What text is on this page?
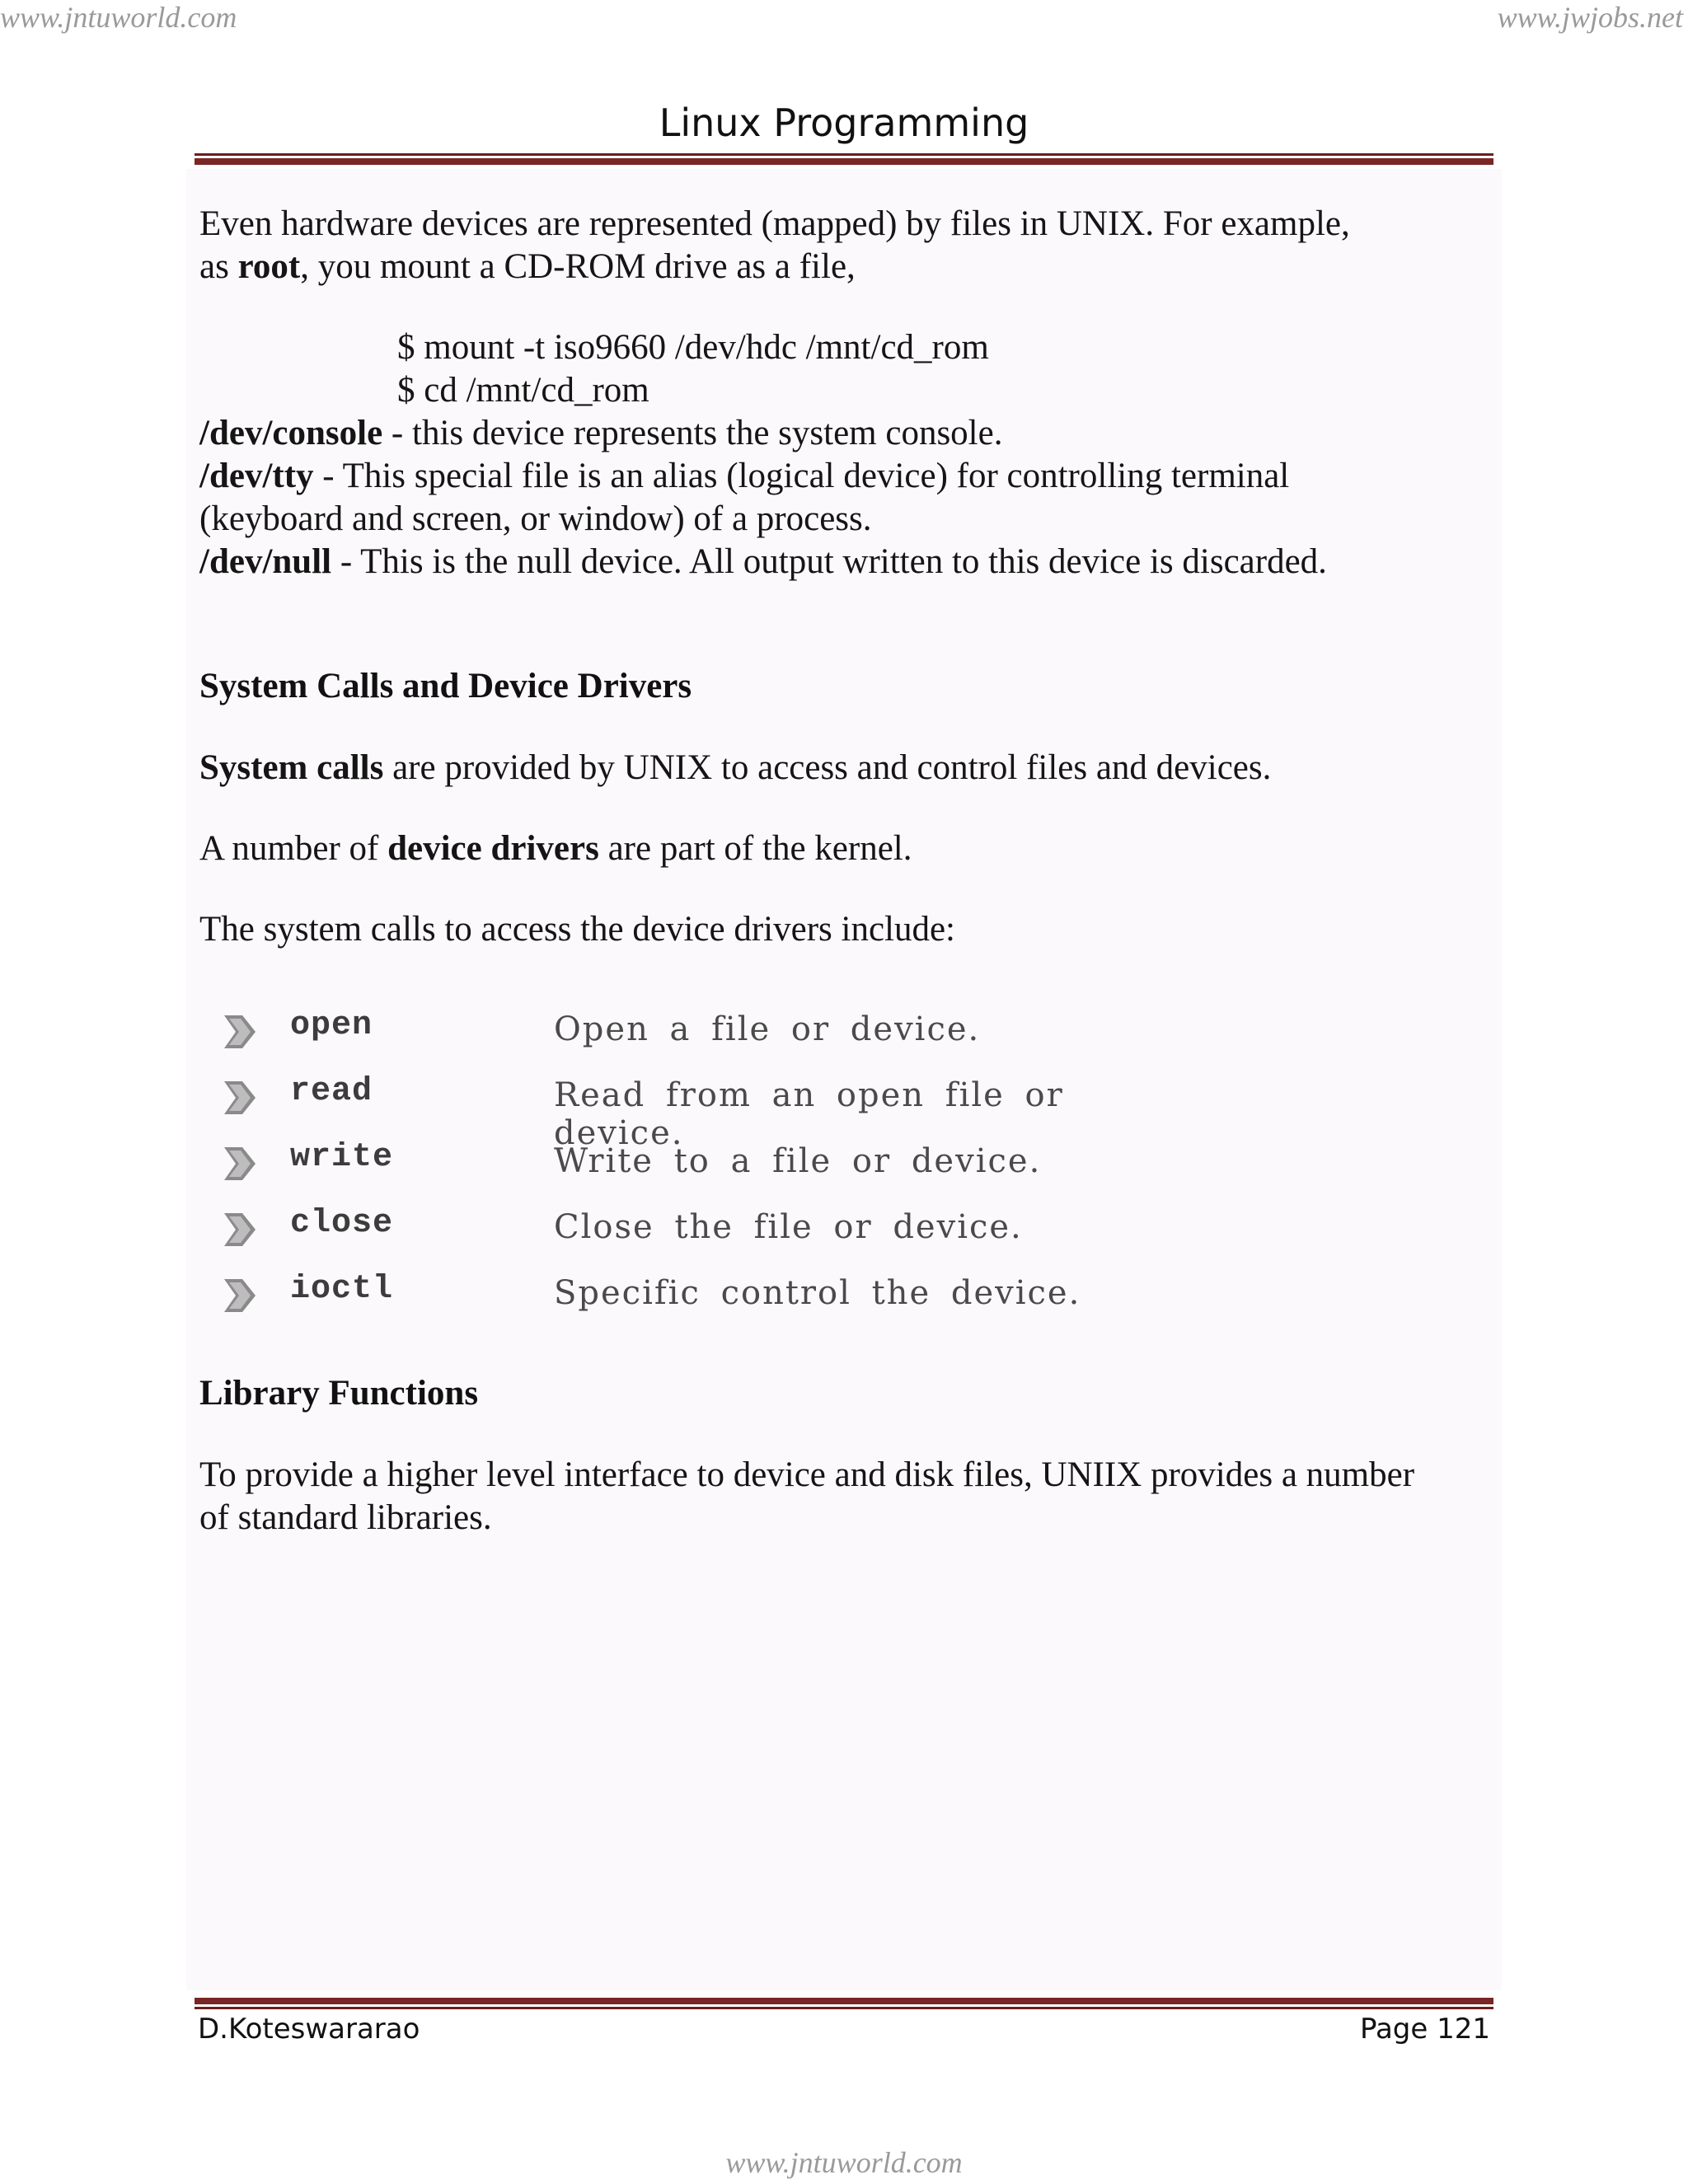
www.jntuworld.com	www.jwjobs.net
Linux Programming

Even hardware devices are represented (mapped) by files in UNIX. For example,

as root, you mount a CD-ROM drive as a file,

$ mount -t iso9660 /dev/hdc /mnt/cd_rom
$ cd /mnt/cd_rom

/dev/console - this device represents the system console.

/dev/tty - This special file is an alias (logical device) for controlling terminal

(keyboard and screen, or window) of a process.

/dev/null - This is the null device. All output written to this device is discarded.

System Calls and Device Drivers

System calls are provided by UNIX to access and control files and devices.

A number of device drivers are part of the kernel.

The system calls to access the device drivers include:

open	Open a file or device.
read	Read from an open file or device.
write	Write to a file or device.
close	Close the file or device.
ioctl	Specific control the device.
Library Functions

To provide a higher level interface to device and disk files, UNIIX provides a number

of standard libraries.

D.Koteswararao	Page 121
www.jntuworld.com
